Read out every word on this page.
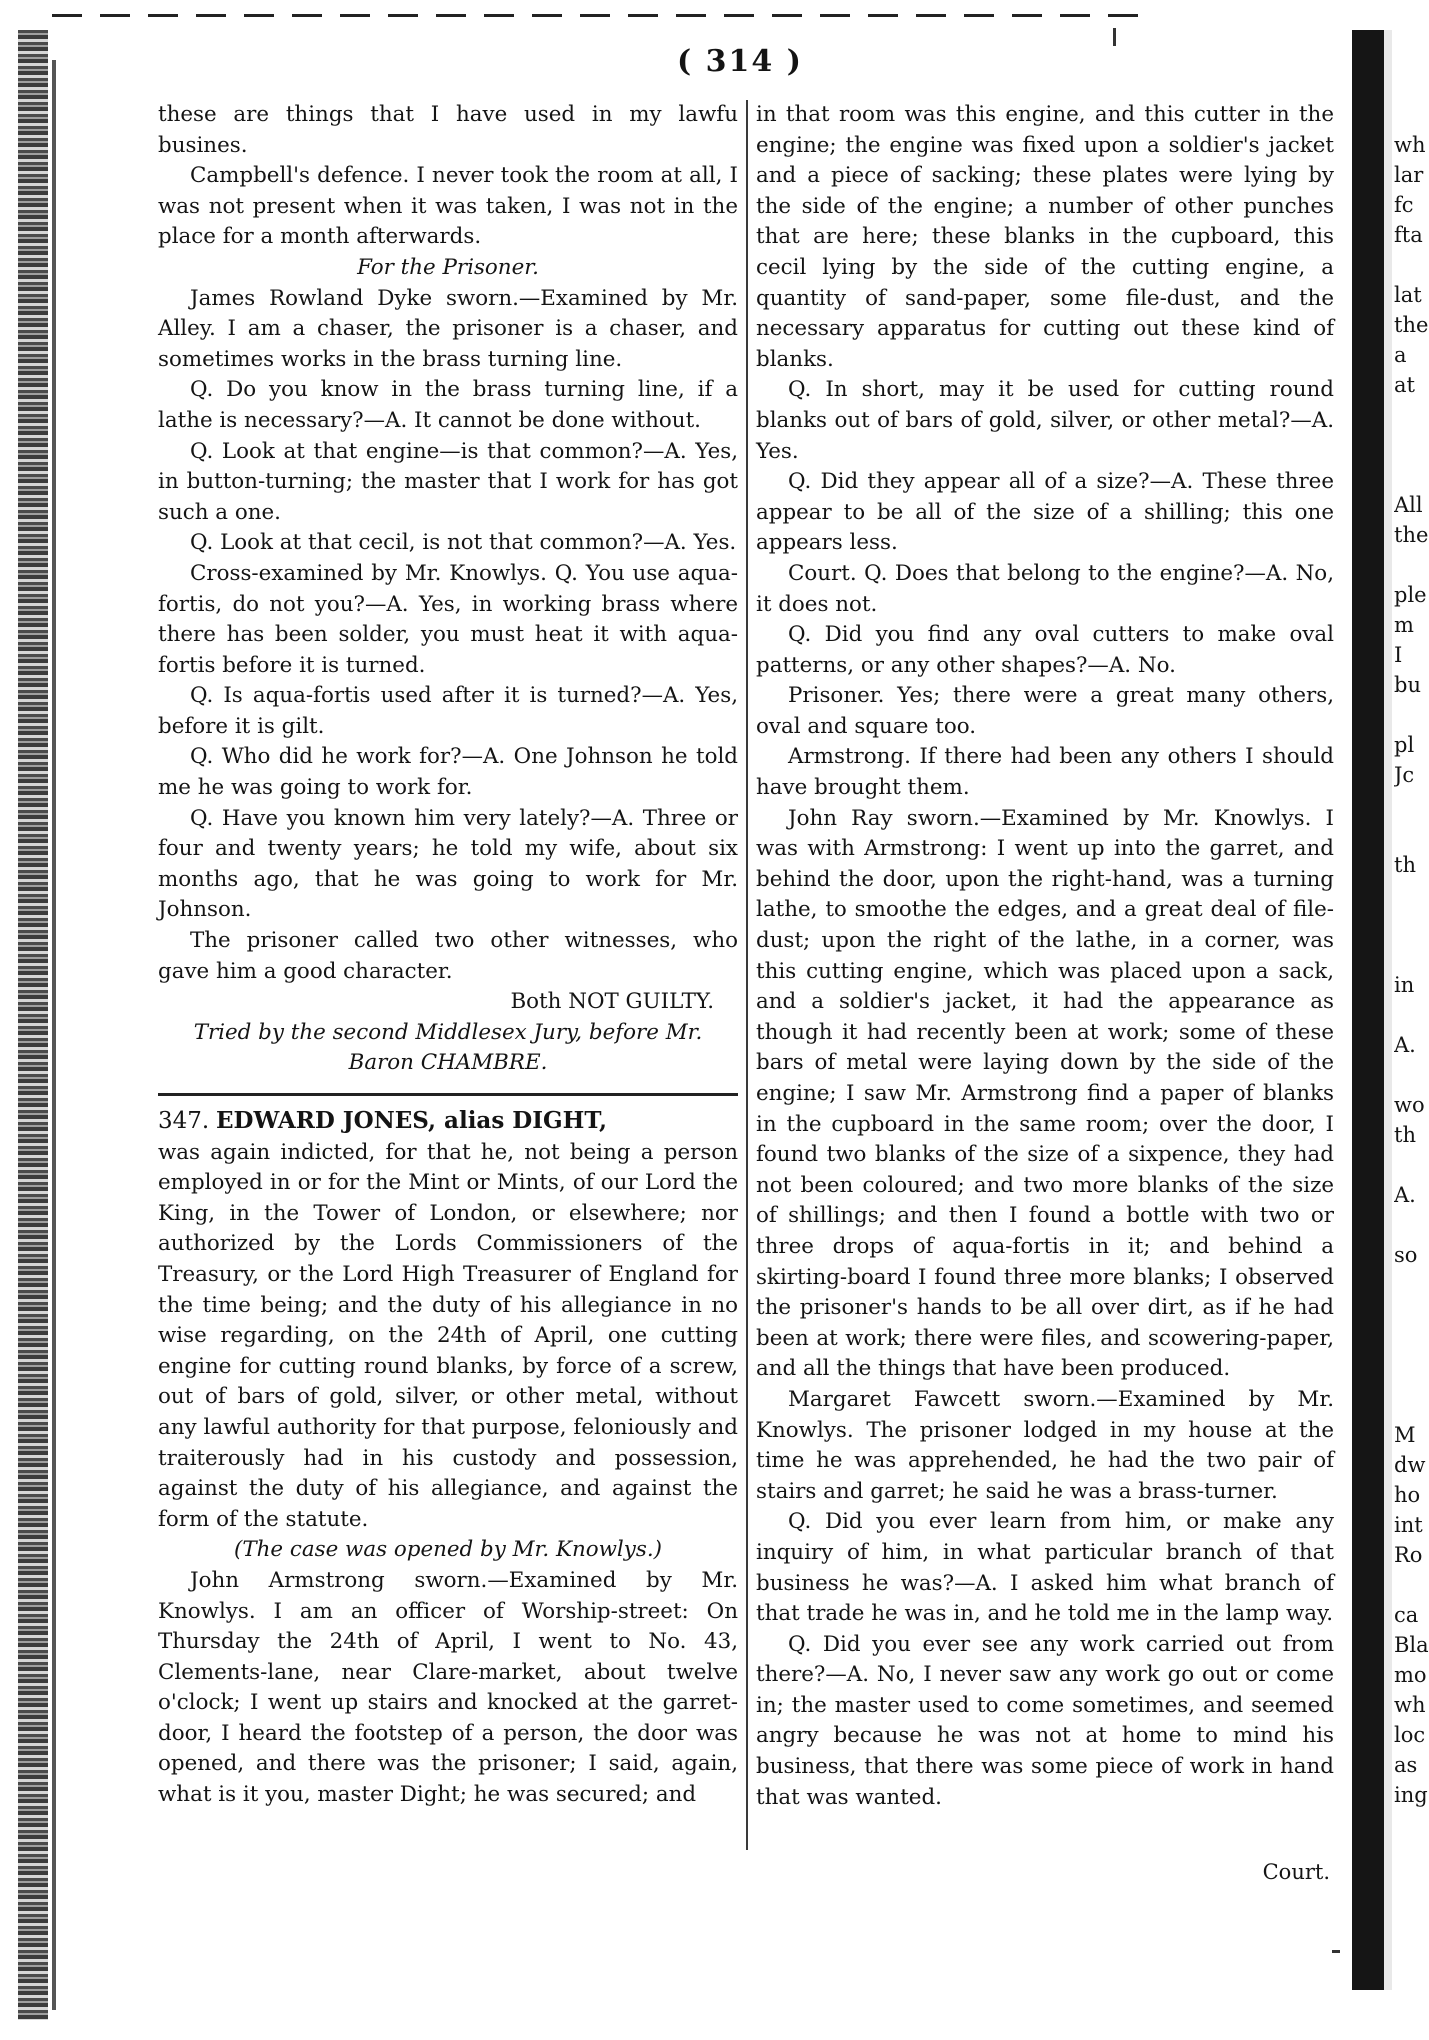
( 314 )

these are things that I have used in my lawfu busines.

Campbell's defence. I never took the room at all, I was not present when it was taken, I was not in the place for a month afterwards.

For the Prisoner.

James Rowland Dyke sworn.—Examined by Mr. Alley. I am a chaser, the prisoner is a chaser, and sometimes works in the brass turning line.

Q. Do you know in the brass turning line, if a lathe is necessary?—A. It cannot be done without.

Q. Look at that engine—is that common?—A. Yes, in button-turning; the master that I work for has got such a one.

Q. Look at that cecil, is not that common?—A. Yes.

Cross-examined by Mr. Knowlys. Q. You use aqua-fortis, do not you?—A. Yes, in working brass where there has been solder, you must heat it with aqua-fortis before it is turned.

Q. Is aqua-fortis used after it is turned?—A. Yes, before it is gilt.

Q. Who did he work for?—A. One Johnson he told me he was going to work for.

Q. Have you known him very lately?—A. Three or four and twenty years; he told my wife, about six months ago, that he was going to work for Mr. Johnson.

The prisoner called two other witnesses, who gave him a good character.

Both NOT GUILTY.

Tried by the second Middlesex Jury, before Mr. Baron CHAMBRE.

347. EDWARD JONES, alias DIGHT,

was again indicted, for that he, not being a person employed in or for the Mint or Mints, of our Lord the King, in the Tower of London, or elsewhere; nor authorized by the Lords Commissioners of the Treasury, or the Lord High Treasurer of England for the time being; and the duty of his allegiance in no wise regarding, on the 24th of April, one cutting engine for cutting round blanks, by force of a screw, out of bars of gold, silver, or other metal, without any lawful authority for that purpose, feloniously and traiterously had in his custody and possession, against the duty of his allegiance, and against the form of the statute.

(The case was opened by Mr. Knowlys.)

John Armstrong sworn.—Examined by Mr. Knowlys. I am an officer of Worship-street: On Thursday the 24th of April, I went to No. 43, Clements-lane, near Clare-market, about twelve o'clock; I went up stairs and knocked at the garret-door, I heard the footstep of a person, the door was opened, and there was the prisoner; I said, again, what is it you, master Dight; he was secured; and

in that room was this engine, and this cutter in the engine; the engine was fixed upon a soldier's jacket and a piece of sacking; these plates were lying by the side of the engine; a number of other punches that are here; these blanks in the cupboard, this cecil lying by the side of the cutting engine, a quantity of sand-paper, some file-dust, and the necessary apparatus for cutting out these kind of blanks.

Q. In short, may it be used for cutting round blanks out of bars of gold, silver, or other metal?—A. Yes.

Q. Did they appear all of a size?—A. These three appear to be all of the size of a shilling; this one appears less.

Court. Q. Does that belong to the engine?—A. No, it does not.

Q. Did you find any oval cutters to make oval patterns, or any other shapes?—A. No.

Prisoner. Yes; there were a great many others, oval and square too.

Armstrong. If there had been any others I should have brought them.

John Ray sworn.—Examined by Mr. Knowlys. I was with Armstrong: I went up into the garret, and behind the door, upon the right-hand, was a turning lathe, to smoothe the edges, and a great deal of file-dust; upon the right of the lathe, in a corner, was this cutting engine, which was placed upon a sack, and a soldier's jacket, it had the appearance as though it had recently been at work; some of these bars of metal were laying down by the side of the engine; I saw Mr. Armstrong find a paper of blanks in the cupboard in the same room; over the door, I found two blanks of the size of a sixpence, they had not been coloured; and two more blanks of the size of shillings; and then I found a bottle with two or three drops of aqua-fortis in it; and behind a skirting-board I found three more blanks; I observed the prisoner's hands to be all over dirt, as if he had been at work; there were files, and scowering-paper, and all the things that have been produced.

Margaret Fawcett sworn.—Examined by Mr. Knowlys. The prisoner lodged in my house at the time he was apprehended, he had the two pair of stairs and garret; he said he was a brass-turner.

Q. Did you ever learn from him, or make any inquiry of him, in what particular branch of that business he was?—A. I asked him what branch of that trade he was in, and he told me in the lamp way.

Q. Did you ever see any work carried out from there?—A. No, I never saw any work go out or come in; the master used to come sometimes, and seemed angry because he was not at home to mind his business, that there was some piece of work in hand that was wanted.

Court.
wh
lar
fc
fta
lat
the
a
at
All
the
ple
m
I
bu
pl
Jc
th
in
A.
wo
th
A.
so
M
dw
ho
int
Ro
ca
Bla
mo
wh
loc
as
ing
